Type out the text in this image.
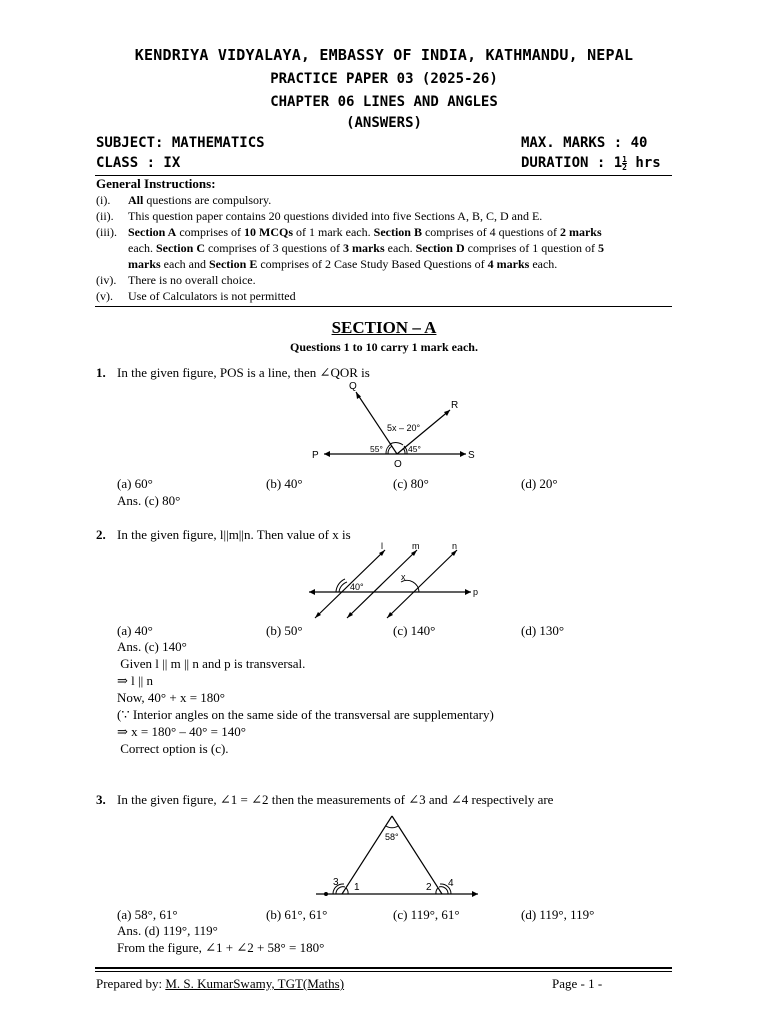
KENDRIYA VIDYALAYA, EMBASSY OF INDIA, KATHMANDU, NEPAL
PRACTICE PAPER 03 (2025-26)
CHAPTER 06 LINES AND ANGLES
(ANSWERS)
SUBJECT: MATHEMATICS	MAX. MARKS : 40
CLASS : IX	DURATION : $1 \frac{1}{2}$ hrs
General Instructions:
(i). All questions are compulsory.
(ii). This question paper contains 20 questions divided into five Sections A, B, C, D and E.
(iii). Section A comprises of 10 MCQs of 1 mark each. Section B comprises of 4 questions of 2 marks
each. Section C comprises of 3 questions of 3 marks each. Section D comprises of 1 question of 5
marks each and Section E comprises of 2 Case Study Based Questions of 4 marks each.
(iv). There is no overall choice.
(v). Use of Calculators is not permitted
SECTION – A
Questions 1 to 10 carry 1 mark each.
1. In the given figure, POS is a line, then ∠QOR is
P
O
S
Q
R
5x – 20°
55°	45°
(a) 60°	(b) 40°	(c) 80°	(d) 20°
Ans. (c) 80°
2. In the given figure, l||m||n. Then value of x is
l	m	n
p
40°
x
(a) 40°	(b) 50°	(c) 140°	(d) 130°
Ans. (c) 140°
Given l || m || n and p is transversal.
⇒ l || n
Now, 40° + x = 180°
(∵ Interior angles on the same side of the transversal are supplementary)
⇒ x = 180° – 40° = 140°
Correct option is (c).
3. In the given figure, ∠1 = ∠2 then the measurements of ∠3 and ∠4 respectively are
58°
1	2
3	4
(a) 58°, 61°	(b) 61°, 61°	(c) 119°, 61°	(d) 119°, 119°
Ans. (d) 119°, 119°
From the figure, ∠1 + ∠2 + 58° = 180°
Prepared by: M. S. KumarSwamy, TGT(Maths)	Page - 1 -
